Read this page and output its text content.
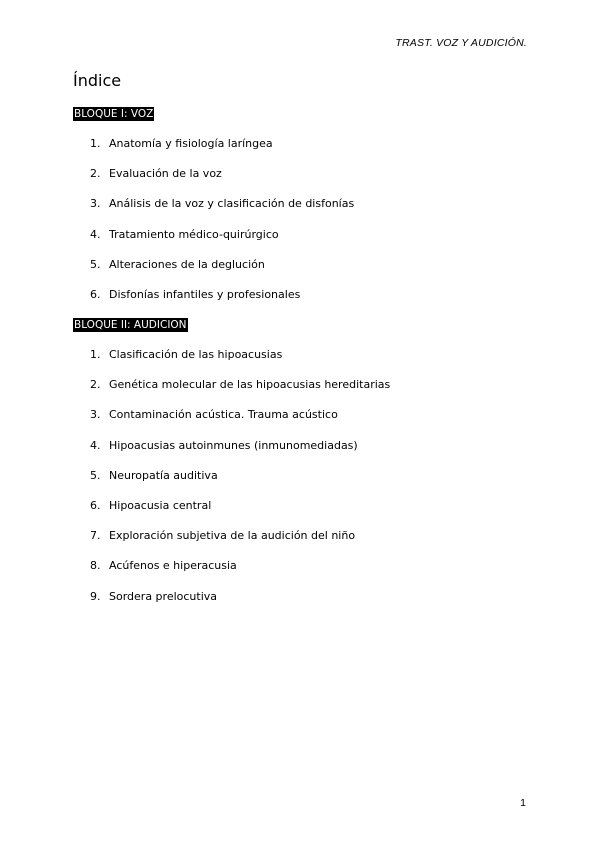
TRAST. VOZ Y AUDICIÓN.
Índice
BLOQUE I: VOZ
1. Anatomía y fisiología laríngea
2. Evaluación de la voz
3. Análisis de la voz y clasificación de disfonías
4. Tratamiento médico-quirúrgico
5. Alteraciones de la deglución
6. Disfonías infantiles y profesionales
BLOQUE II: AUDICION
1. Clasificación de las hipoacusias
2. Genética molecular de las hipoacusias hereditarias
3. Contaminación acústica. Trauma acústico
4. Hipoacusias autoinmunes (inmunomediadas)
5. Neuropatía auditiva
6. Hipoacusia central
7. Exploración subjetiva de la audición del niño
8. Acúfenos e hiperacusia
9. Sordera prelocutiva
1
